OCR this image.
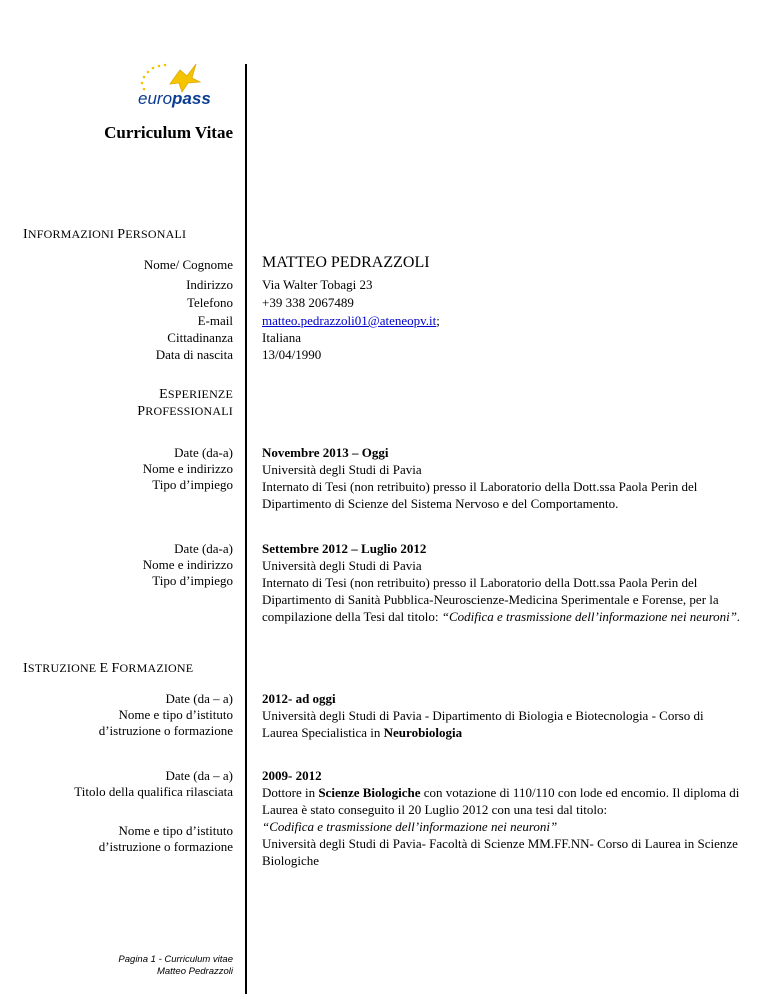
europass
Curriculum Vitae
INFORMAZIONI PERSONALI
Nome/ Cognome MATTEO PEDRAZZOLI
Indirizzo Via Walter Tobagi 23
Telefono +39 338 2067489
E-mail matteo.pedrazzoli01@ateneopv.it;
Cittadinanza Italiana
Data di nascita 13/04/1990
ESPERIENZE
PROFESSIONALI
Date (da-a)
Nome e indirizzo
Tipo d’impiego
Novembre 2013 – Oggi
Università degli Studi di Pavia
Internato di Tesi (non retribuito) presso il Laboratorio della Dott.ssa Paola Perin del Dipartimento di Scienze del Sistema Nervoso e del Comportamento.
Date (da-a)
Nome e indirizzo
Tipo d’impiego
Settembre 2012 – Luglio 2012
Università degli Studi di Pavia
Internato di Tesi (non retribuito) presso il Laboratorio della Dott.ssa Paola Perin del Dipartimento di Sanità Pubblica-Neuroscienze-Medicina Sperimentale e Forense, per la compilazione della Tesi dal titolo: “Codifica e trasmissione dell’informazione nei neuroni”.
ISTRUZIONE E FORMAZIONE
Date (da – a)
Nome e tipo d’istituto
d’istruzione o formazione
2012- ad oggi
Università degli Studi di Pavia - Dipartimento di Biologia e Biotecnologia - Corso di Laurea Specialistica in Neurobiologia
Date (da – a)
Titolo della qualifica rilasciata
Nome e tipo d’istituto
d’istruzione o formazione
2009- 2012
Dottore in Scienze Biologiche con votazione di 110/110 con lode ed encomio. Il diploma di Laurea è stato conseguito il 20 Luglio 2012 con una tesi dal titolo:
“Codifica e trasmissione dell’informazione nei neuroni”
Università degli Studi di Pavia- Facoltà di Scienze MM.FF.NN- Corso di Laurea in Scienze Biologiche
Pagina 1 - Curriculum vitae
Matteo Pedrazzoli
